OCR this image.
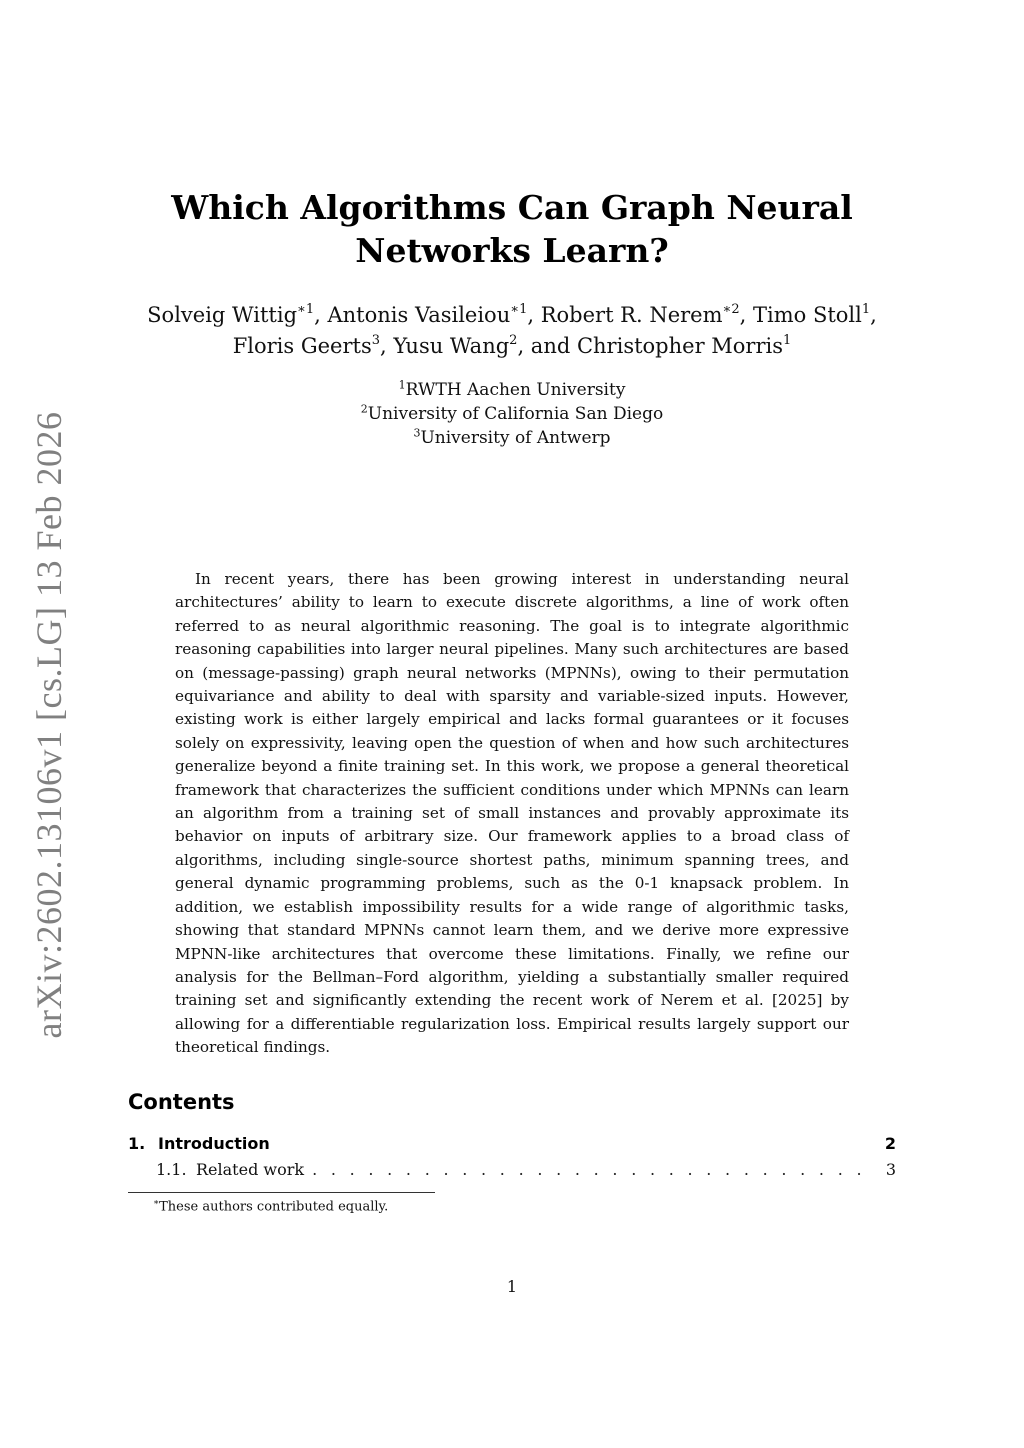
arXiv:2602.13106v1 [cs.LG] 13 Feb 2026
Which Algorithms Can Graph Neural
Networks Learn?
Solveig Wittig$^{∗1}$, Antonis Vasileiou$^{∗1}$, Robert R. Nerem$^{∗2}$, Timo Stoll$^1$,
Floris Geerts$^3$, Yusu Wang$^2$, and Christopher Morris$^1$
$^1$RWTH Aachen University
$^2$University of California San Diego
$^3$University of Antwerp

In recent years, there has been growing interest in understanding neural architectures’ ability to learn to execute discrete algorithms, a line of work often referred to as neural algorithmic reasoning. The goal is to integrate algorithmic reasoning capabilities into larger neural pipelines. Many such architectures are based on (message-passing) graph neural networks (MPNNs), owing to their permutation equivariance and ability to deal with sparsity and variable-sized inputs. However, existing work is either largely empirical and lacks formal guarantees or it focuses solely on expressivity, leaving open the question of when and how such architectures generalize beyond a finite training set. In this work, we propose a general theoretical framework that characterizes the sufficient conditions under which MPNNs can learn an algorithm from a training set of small instances and provably approximate its behavior on inputs of arbitrary size. Our framework applies to a broad class of algorithms, including single-source shortest paths, minimum spanning trees, and general dynamic programming problems, such as the 0-1 knapsack problem. In addition, we establish impossibility results for a wide range of algorithmic tasks, showing that standard MPNNs cannot learn them, and we derive more expressive MPNN-like architectures that overcome these limitations. Finally, we refine our analysis for the Bellman–Ford algorithm, yielding a substantially smaller required training set and significantly extending the recent work of Nerem et al. [2025] by allowing for a differentiable regularization loss. Empirical results largely support our theoretical findings.

Contents
1. Introduction	2
1.1. Related work
. . .	3
∗These authors contributed equally.
1
